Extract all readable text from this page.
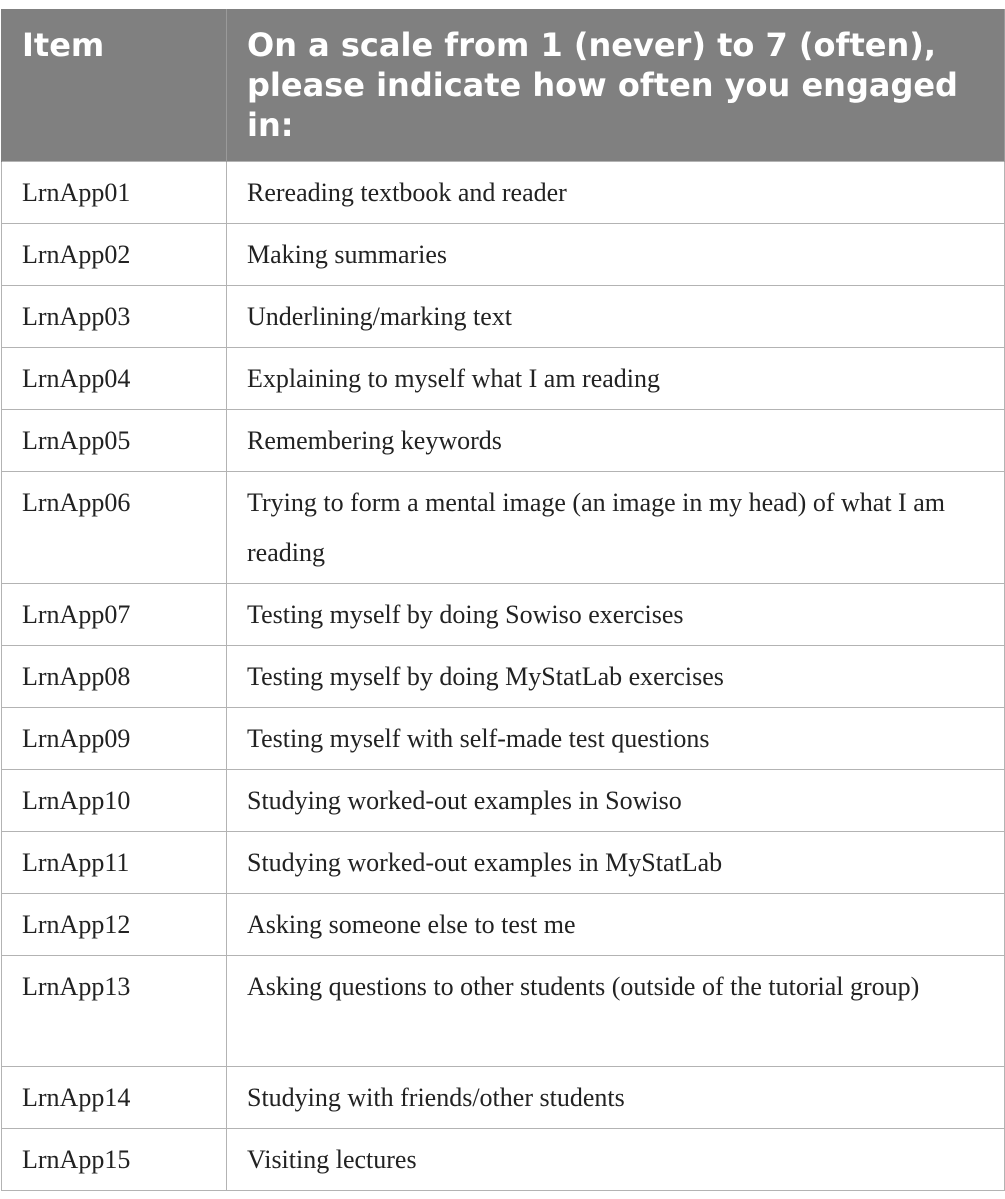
Item	On a scale from 1 (never) to 7 (often), please indicate how often you engaged in:
LrnApp01	Rereading textbook and reader
LrnApp02	Making summaries
LrnApp03	Underlining/marking text
LrnApp04	Explaining to myself what I am reading
LrnApp05	Remembering keywords
LrnApp06	Trying to form a mental image (an image in my head) of what I am reading
LrnApp07	Testing myself by doing Sowiso exercises
LrnApp08	Testing myself by doing MyStatLab exercises
LrnApp09	Testing myself with self-made test questions
LrnApp10	Studying worked-out examples in Sowiso
LrnApp11	Studying worked-out examples in MyStatLab
LrnApp12	Asking someone else to test me
LrnApp13	Asking questions to other students (outside of the tutorial group)
LrnApp14	Studying with friends/other students
LrnApp15	Visiting lectures
